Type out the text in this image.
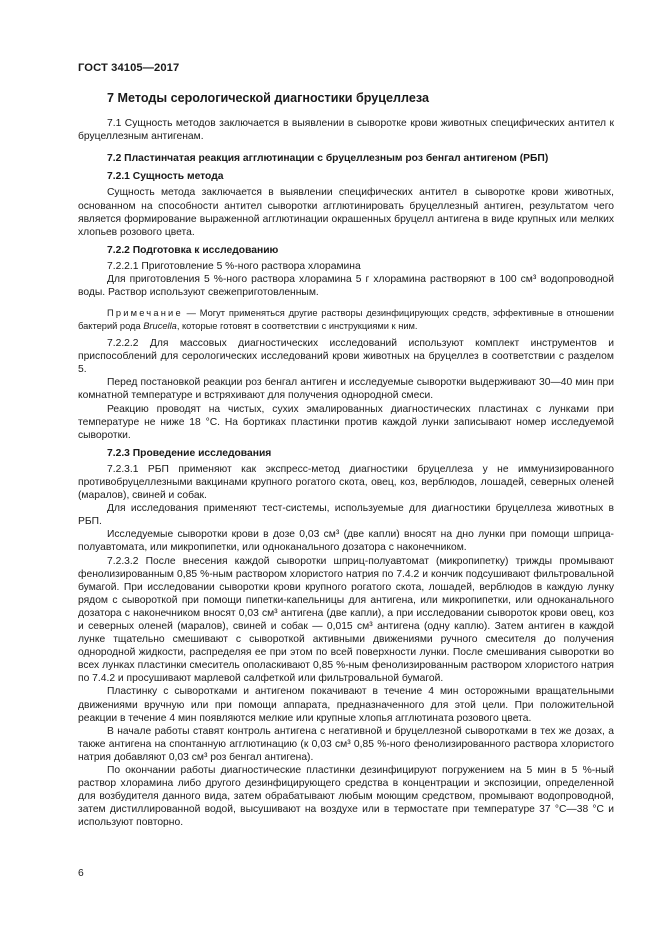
ГОСТ 34105—2017

7 Методы серологической диагностики бруцеллеза

7.1 Сущность методов заключается в выявлении в сыворотке крови животных специфических антител к бруцеллезным антигенам.

7.2 Пластинчатая реакция агглютинации с бруцеллезным роз бенгал антигеном (РБП)

7.2.1 Сущность метода

Сущность метода заключается в выявлении специфических антител в сыворотке крови животных, основанном на способности антител сыворотки агглютинировать бруцеллезный антиген, результатом чего является формирование выраженной агглютинации окрашенных бруцелл антигена в виде крупных или мелких хлопьев розового цвета.

7.2.2 Подготовка к исследованию

7.2.2.1 Приготовление 5 %-ного раствора хлорамина

Для приготовления 5 %-ного раствора хлорамина 5 г хлорамина растворяют в 100 см³ водопроводной воды. Раствор используют свежеприготовленным.

Примечание — Могут применяться другие растворы дезинфицирующих средств, эффективные в отношении бактерий рода Brucella, которые готовят в соответствии с инструкциями к ним.

7.2.2.2 Для массовых диагностических исследований используют комплект инструментов и приспособлений для серологических исследований крови животных на бруцеллез в соответствии с разделом 5.

Перед постановкой реакции роз бенгал антиген и исследуемые сыворотки выдерживают 30—40 мин при комнатной температуре и встряхивают для получения однородной смеси.

Реакцию проводят на чистых, сухих эмалированных диагностических пластинах с лунками при температуре не ниже 18 °С. На бортиках пластинки против каждой лунки записывают номер исследуемой сыворотки.

7.2.3 Проведение исследования

7.2.3.1 РБП применяют как экспресс-метод диагностики бруцеллеза у не иммунизированного противобруцеллезными вакцинами крупного рогатого скота, овец, коз, верблюдов, лошадей, северных оленей (маралов), свиней и собак.

Для исследования применяют тест-системы, используемые для диагностики бруцеллеза животных в РБП.

Исследуемые сыворотки крови в дозе 0,03 см³ (две капли) вносят на дно лунки при помощи шприца-полуавтомата, или микропипетки, или одноканального дозатора с наконечником.

7.2.3.2 После внесения каждой сыворотки шприц-полуавтомат (микропипетку) трижды промывают фенолизированным 0,85 %-ным раствором хлористого натрия по 7.4.2 и кончик подсушивают фильтровальной бумагой. При исследовании сыворотки крови крупного рогатого скота, лошадей, верблюдов в каждую лунку рядом с сывороткой при помощи пипетки-капельницы для антигена, или микропипетки, или одноканального дозатора с наконечником вносят 0,03 см³ антигена (две капли), а при исследовании сывороток крови овец, коз и северных оленей (маралов), свиней и собак — 0,015 см³ антигена (одну каплю). Затем антиген в каждой лунке тщательно смешивают с сывороткой активными движениями ручного смесителя до получения однородной жидкости, распределяя ее при этом по всей поверхности лунки. После смешивания сыворотки во всех лунках пластинки смеситель ополаскивают 0,85 %-ным фенолизированным раствором хлористого натрия по 7.4.2 и просушивают марлевой салфеткой или фильтровальной бумагой.

Пластинку с сыворотками и антигеном покачивают в течение 4 мин осторожными вращательными движениями вручную или при помощи аппарата, предназначенного для этой цели. При положительной реакции в течение 4 мин появляются мелкие или крупные хлопья агглютината розового цвета.

В начале работы ставят контроль антигена с негативной и бруцеллезной сыворотками в тех же дозах, а также антигена на спонтанную агглютинацию (к 0,03 см³ 0,85 %-ного фенолизированного раствора хлористого натрия добавляют 0,03 см³ роз бенгал антигена).

По окончании работы диагностические пластинки дезинфицируют погружением на 5 мин в 5 %-ный раствор хлорамина либо другого дезинфицирующего средства в концентрации и экспозиции, определенной для возбудителя данного вида, затем обрабатывают любым моющим средством, промывают водопроводной, затем дистиллированной водой, высушивают на воздухе или в термостате при температуре 37 °С—38 °С и используют повторно.

6
